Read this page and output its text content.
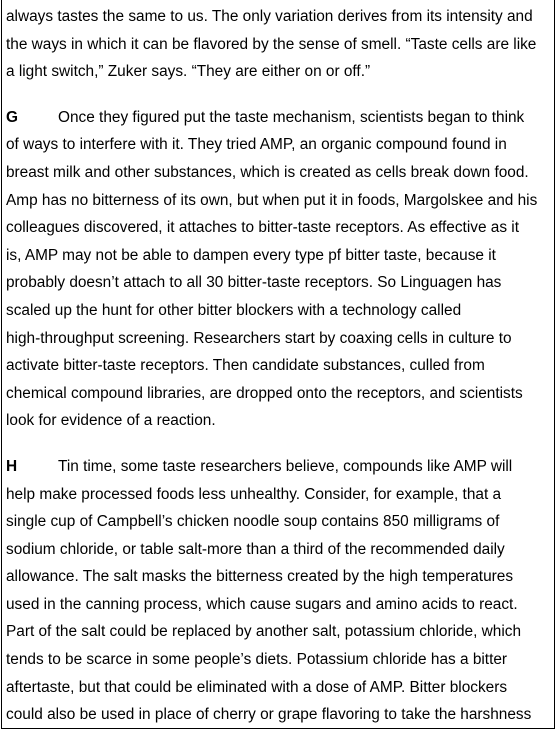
always tastes the same to us. The only variation derives from its intensity and
the ways in which it can be flavored by the sense of smell. “Taste cells are like
a light switch,” Zuker says. “They are either on or off.”
G	Once they figured put the taste mechanism, scientists began to think
of ways to interfere with it. They tried AMP, an organic compound found in
breast milk and other substances, which is created as cells break down food.
Amp has no bitterness of its own, but when put it in foods, Margolskee and his
colleagues discovered, it attaches to bitter-taste receptors. As effective as it
is, AMP may not be able to dampen every type pf bitter taste, because it
probably doesn’t attach to all 30 bitter-taste receptors. So Linguagen has
scaled up the hunt for other bitter blockers with a technology called
high-throughput screening. Researchers start by coaxing cells in culture to
activate bitter-taste receptors. Then candidate substances, culled from
chemical compound libraries, are dropped onto the receptors, and scientists
look for evidence of a reaction.
H	Tin time, some taste researchers believe, compounds like AMP will
help make processed foods less unhealthy. Consider, for example, that a
single cup of Campbell’s chicken noodle soup contains 850 milligrams of
sodium chloride, or table salt-more than a third of the recommended daily
allowance. The salt masks the bitterness created by the high temperatures
used in the canning process, which cause sugars and amino acids to react.
Part of the salt could be replaced by another salt, potassium chloride, which
tends to be scarce in some people’s diets. Potassium chloride has a bitter
aftertaste, but that could be eliminated with a dose of AMP. Bitter blockers
could also be used in place of cherry or grape flavoring to take the harshness
